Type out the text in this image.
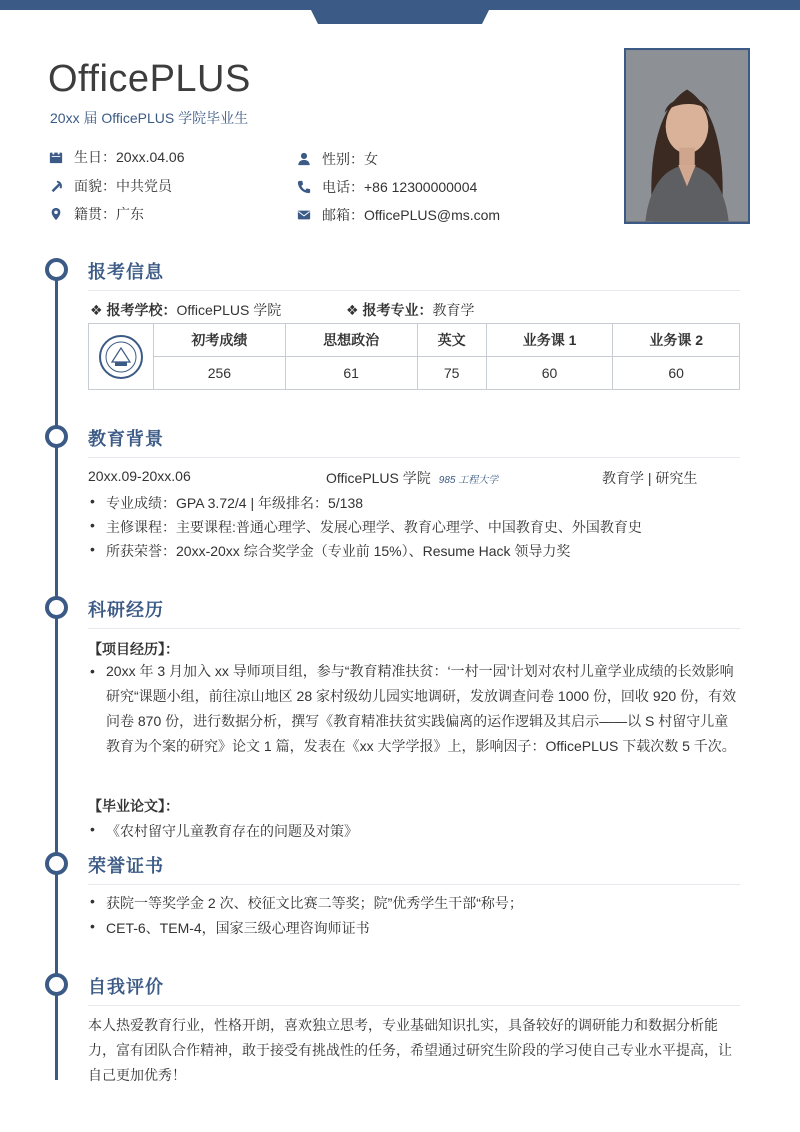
OfficePLUS
20xx 届 OfficePLUS 学院毕业生
生日：20xx.04.06	性别：女
面貌：中共党员	电话：+86 12300000004
籍贯：广东	邮箱：OfficePLUS@ms.com
报考信息
❖ 报考学校：OfficePLUS 学院	❖ 报考专业：教育学
	初考成绩	思想政治	英文	业务课 1	业务课 2
	256	61	75	60	60
教育背景
20xx.09-20xx.06	OfficePLUS 学院 985 工程大学	教育学 | 研究生
• 专业成绩：GPA 3.72/4 | 年级排名：5/138
• 主修课程：主要课程:普通心理学、发展心理学、教育心理学、中国教育史、外国教育史
• 所获荣誉：20xx-20xx 综合奖学金（专业前 15%）、Resume Hack 领导力奖
科研经历
【项目经历】：
• 20xx 年 3 月加入 xx 导师项目组，参与“教育精准扶贫：‘一村一园’计划对农村儿童学业成绩的长效影响研究“课题小组，前往凉山地区 28 家村级幼儿园实地调研，发放调查问卷 1000 份，回收 920 份，有效问卷 870 份，进行数据分析，撰写《教育精准扶贫实践偏离的运作逻辑及其启示——以 S 村留守儿童教育为个案的研究》论文 1 篇，发表在《xx 大学学报》上，影响因子：OfficePLUS 下载次数 5 千次。
【毕业论文】：
• 《农村留守儿童教育存在的问题及对策》
荣誉证书
• 获院一等奖学金 2 次、校征文比赛二等奖；院”优秀学生干部“称号；
• CET-6、TEM-4，国家三级心理咨询师证书
自我评价
本人热爱教育行业，性格开朗，喜欢独立思考，专业基础知识扎实，具备较好的调研能力和数据分析能力，富有团队合作精神，敢于接受有挑战性的任务，希望通过研究生阶段的学习使自己专业水平提高，让自己更加优秀！
